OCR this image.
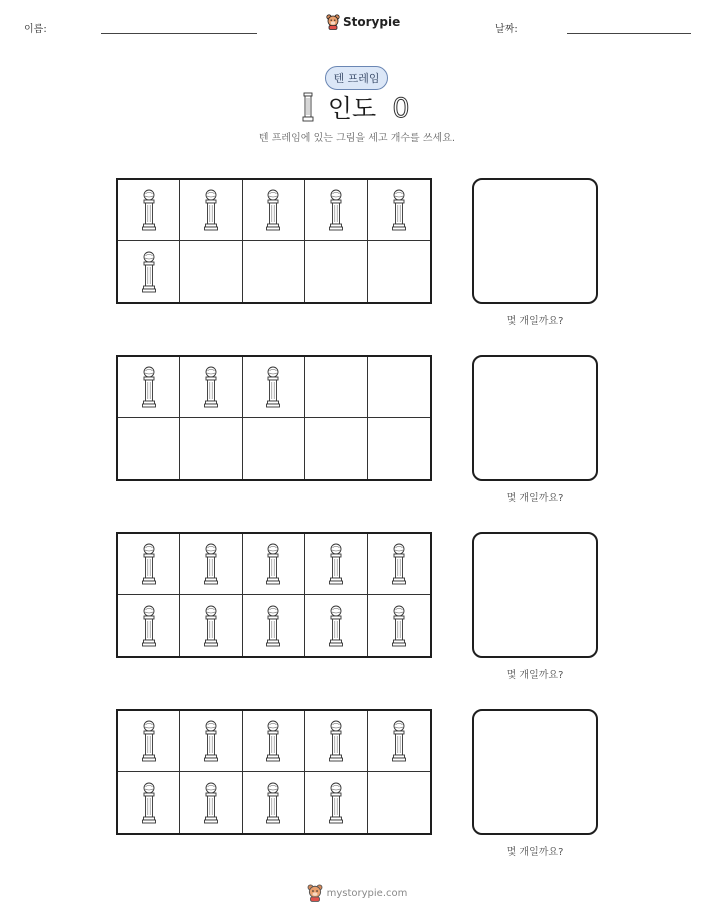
이름:
Storypie
날짜:
텐 프레임
인도 0
텐 프레임에 있는 그림을 세고 개수를 쓰세요.
몇 개일까요?
몇 개일까요?
몇 개일까요?
몇 개일까요?
mystorypie.com
